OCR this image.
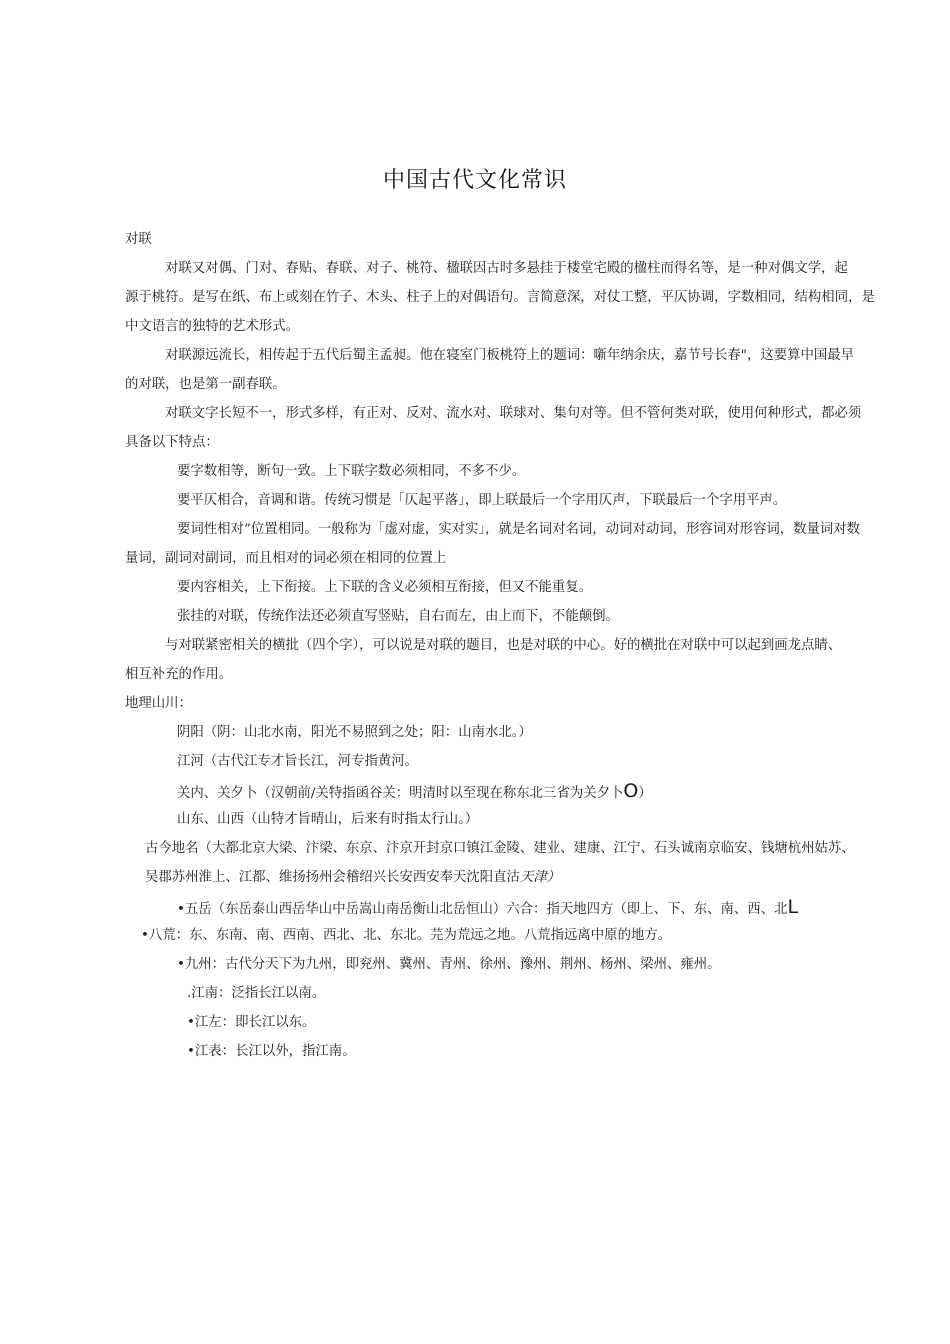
中国古代文化常识
对联
对联又对偶、门对、春贴、春联、对子、桃符、楹联因古时多悬挂于楼堂宅殿的楹柱而得名等，是一种对偶文学，起
源于桃符。是写在纸、布上或刻在竹子、木头、柱子上的对偶语句。言简意深，对仗工整，平仄协调，字数相同，结构相同，是
中文语言的独特的艺术形式。
对联源远流长，相传起于五代后蜀主孟昶。他在寝室门板桃符上的题词：噺年纳余庆，嘉节号长春"，这要算中国最早
的对联，也是第一副春联。
对联文字长短不一，形式多样，有正对、反对、流水对、联球对、集句对等。但不管何类对联，使用何种形式，都必须
具备以下特点：
要字数相等，断句一致。上下联字数必须相同，不多不少。
要平仄相合，音调和谐。传统习惯是「仄起平落」，即上联最后一个字用仄声，下联最后一个字用平声。
要词性相对”位置相同。一般称为「虚对虚，实对实」，就是名词对名词，动词对动词，形容词对形容词，数量词对数
量词，副词对副词，而且相对的词必须在相同的位置上
要内容相关，上下衔接。上下联的含义必须相互衔接，但又不能重复。
张挂的对联，传统作法还必须直写竖贴，自右而左，由上而下，不能颠倒。
与对联紧密相关的横批（四个字），可以说是对联的题目，也是对联的中心。好的横批在对联中可以起到画龙点睛、
相互补充的作用。
地理山川：
阴阳（阴：山北水南，阳光不易照到之处；阳：山南水北。）
江河（古代江专才旨长江，河专指黄河。
关内、关夕卜（汉朝前/关特指函谷关：明清时以至现在称东北三省为关夕卜O）
山东、山西（山特才旨晴山，后来有时指太行山。）
古今地名（大都北京大梁、汴梁、东京、汴京开封京口镇江金陵、建业、建康、江宁、石头诚南京临安、钱塘杭州姑苏、
吴郡苏州淮上、江都、维扬扬州会稽绍兴长安西安奉天沈阳直沽天津）
•五岳（东岳泰山西岳华山中岳嵩山南岳衡山北岳恒山）六合：指天地四方（即上、下、东、南、西、北L
•八荒：东、东南、南、西南、西北、北、东北。芫为荒远之地。八荒指远离中原的地方。
•九州：古代分天下为九州，即兖州、冀州、青州、徐州、豫州、荆州、杨州、梁州、雍州。
.江南：泛指长江以南。
•江左：即长江以东。
•江表：长江以外，指江南。
